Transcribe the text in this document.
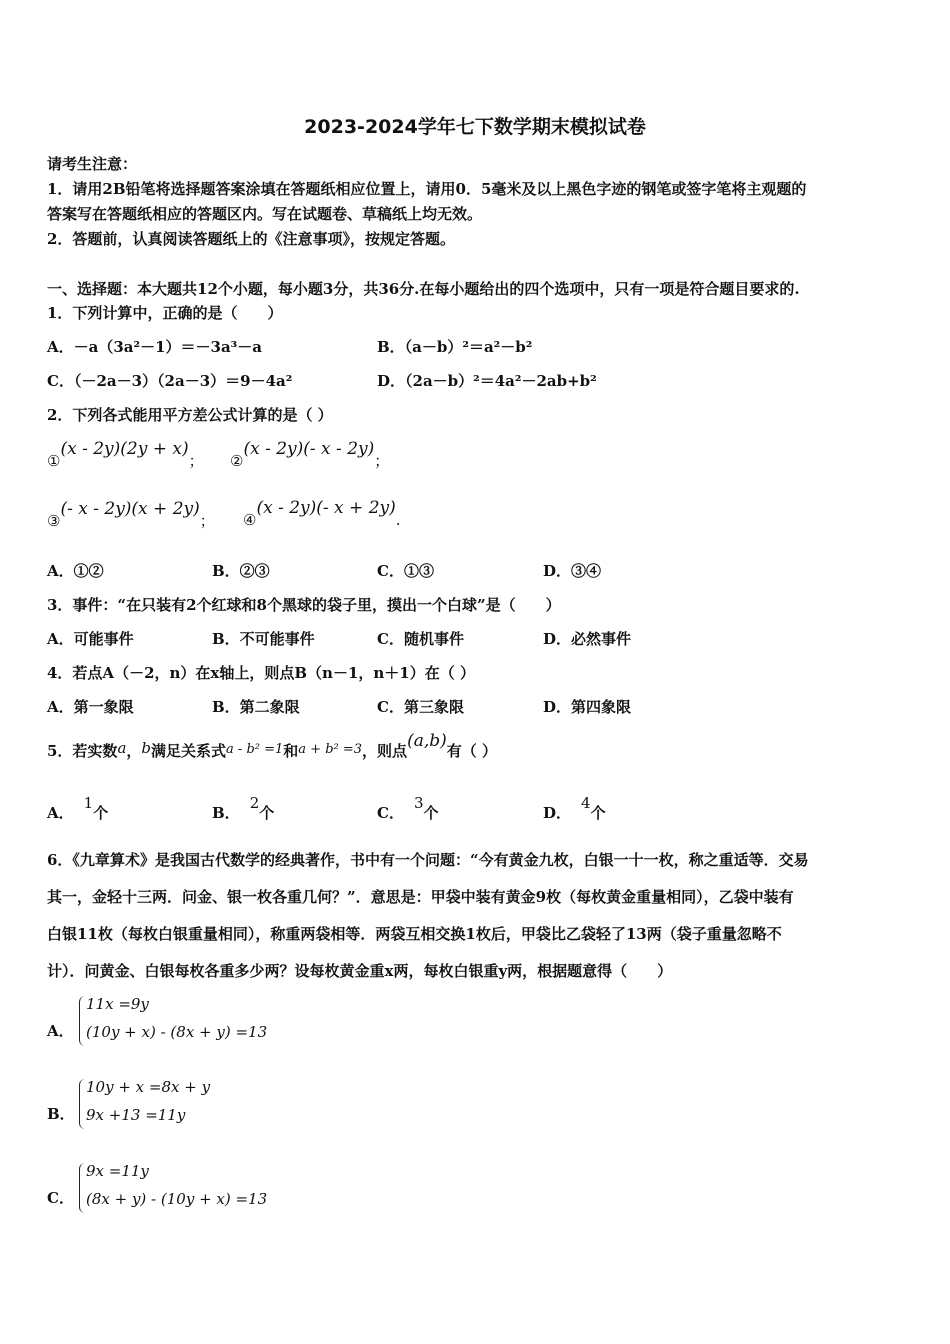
2023-2024学年七下数学期末模拟试卷
请考生注意：
1．请用2B铅笔将选择题答案涂填在答题纸相应位置上，请用0．5毫米及以上黑色字迹的钢笔或签字笔将主观题的
答案写在答题纸相应的答题区内。写在试题卷、草稿纸上均无效。
2．答题前，认真阅读答题纸上的《注意事项》，按规定答题。
一、选择题：本大题共12个小题，每小题3分，共36分.在每小题给出的四个选项中，只有一项是符合题目要求的.
1．下列计算中，正确的是（　　）
A．－a（3a²－1）＝－3a³－a	B．（a－b）²＝a²－b²
C．（－2a－3）（2a－3）＝9－4a²	D．（2a－b）²＝4a²－2ab+b²
2．下列各式能用平方差公式计算的是（ ）
①(x - 2y)(2y + x)； ②(x - 2y)(- x - 2y)；
③(- x - 2y)(x + 2y)； ④(x - 2y)(- x + 2y).
A．①②	B．②③	C．①③	D．③④
3．事件：“在只装有2个红球和8个黑球的袋子里，摸出一个白球”是（　　）
A．可能事件	B．不可能事件	C．随机事件	D．必然事件
4．若点A（－2，n）在x轴上，则点B（n－1，n＋1）在（ ）
A．第一象限	B．第二象限	C．第三象限	D．第四象限
5．若实数a，b满足关系式a - b² =1和a + b² =3，则点(a,b)有（ ）
A．1个	B．2个	C．3个	D．4个
6．《九章算术》是我国古代数学的经典著作，书中有一个问题：“今有黄金九枚，白银一十一枚，称之重适等．交易
其一，金轻十三两．问金、银一枚各重几何？”．意思是：甲袋中装有黄金9枚（每枚黄金重量相同），乙袋中装有
白银11枚（每枚白银重量相同），称重两袋相等．两袋互相交换1枚后，甲袋比乙袋轻了13两（袋子重量忽略不
计）．问黄金、白银每枚各重多少两？设每枚黄金重x两，每枚白银重y两，根据题意得（　　）
A．
11x =9y
(10y + x) - (8x + y) =13
B．
10y + x =8x + y
9x +13 =11y
C．
9x =11y
(8x + y) - (10y + x) =13
